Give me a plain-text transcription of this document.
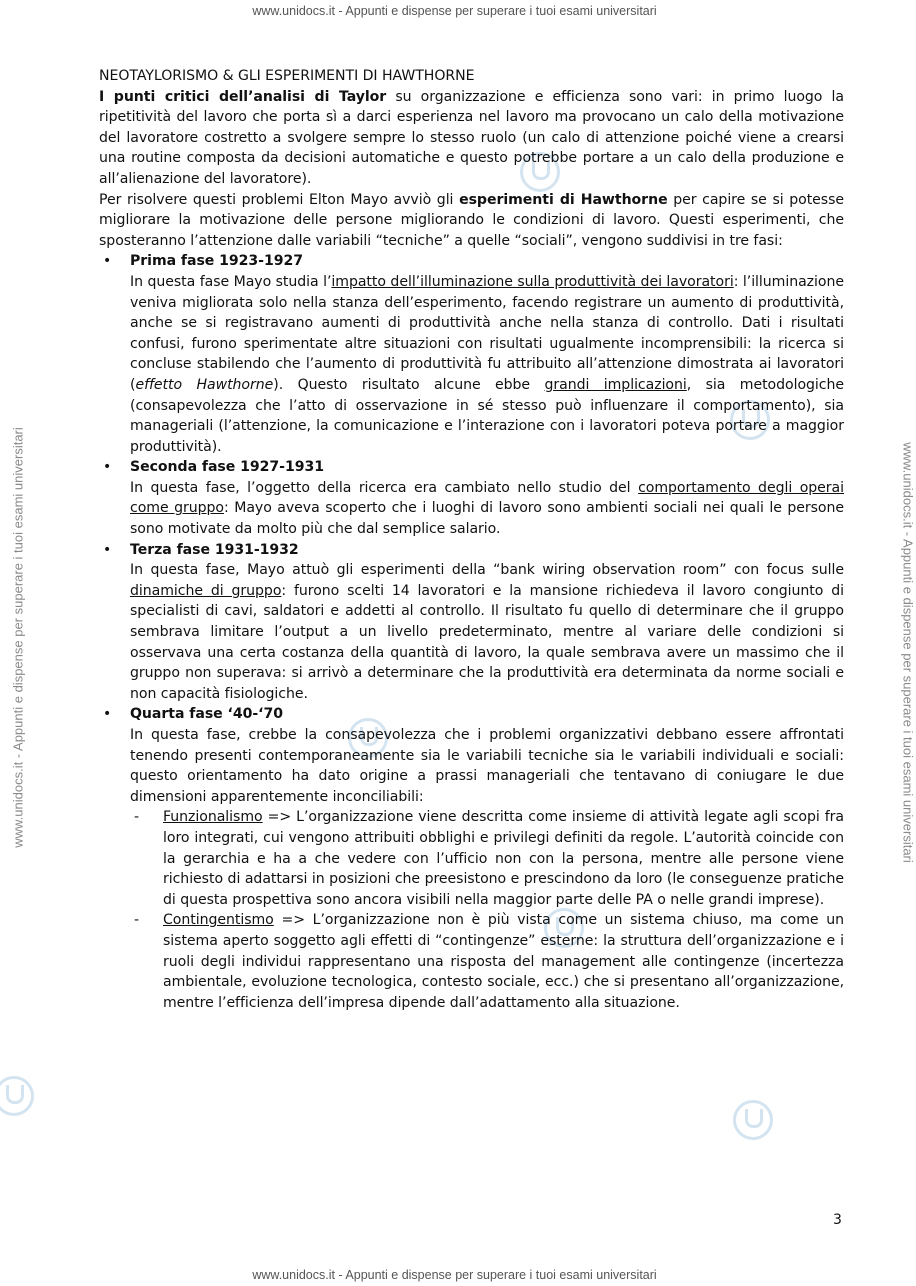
www.unidocs.it - Appunti e dispense per superare i tuoi esami universitari
www.unidocs.it - Appunti e dispense per superare i tuoi esami universitari	www.unidocs.it - Appunti e dispense per superare i tuoi esami universitari
NEOTAYLORISMO & GLI ESPERIMENTI DI HAWTHORNE

I punti critici dell’analisi di Taylor su organizzazione e efficienza sono vari: in primo luogo la ripetitività del lavoro che porta sì a darci esperienza nel lavoro ma provocano un calo della motivazione del lavoratore costretto a svolgere sempre lo stesso ruolo (un calo di attenzione poiché viene a crearsi una routine composta da decisioni automatiche e questo potrebbe portare a un calo della produzione e all’alienazione del lavoratore).

Per risolvere questi problemi Elton Mayo avviò gli esperimenti di Hawthorne per capire se si potesse migliorare la motivazione delle persone migliorando le condizioni di lavoro. Questi esperimenti, che sposteranno l’attenzione dalle variabili “tecniche” a quelle “sociali”, vengono suddivisi in tre fasi:

• Prima fase 1923-1927

In questa fase Mayo studia l’impatto dell’illuminazione sulla produttività dei lavoratori: l’illuminazione veniva migliorata solo nella stanza dell’esperimento, facendo registrare un aumento di produttività, anche se si registravano aumenti di produttività anche nella stanza di controllo. Dati i risultati confusi, furono sperimentate altre situazioni con risultati ugualmente incomprensibili: la ricerca si concluse stabilendo che l’aumento di produttività fu attribuito all’attenzione dimostrata ai lavoratori (effetto Hawthorne). Questo risultato alcune ebbe grandi implicazioni, sia metodologiche (consapevolezza che l’atto di osservazione in sé stesso può influenzare il comportamento), sia manageriali (l’attenzione, la comunicazione e l’interazione con i lavoratori poteva portare a maggior produttività).

• Seconda fase 1927-1931

In questa fase, l’oggetto della ricerca era cambiato nello studio del comportamento degli operai come gruppo: Mayo aveva scoperto che i luoghi di lavoro sono ambienti sociali nei quali le persone sono motivate da molto più che dal semplice salario.

• Terza fase 1931-1932

In questa fase, Mayo attuò gli esperimenti della “bank wiring observation room” con focus sulle dinamiche di gruppo: furono scelti 14 lavoratori e la mansione richiedeva il lavoro congiunto di specialisti di cavi, saldatori e addetti al controllo. Il risultato fu quello di determinare che il gruppo sembrava limitare l’output a un livello predeterminato, mentre al variare delle condizioni si osservava una certa costanza della quantità di lavoro, la quale sembrava avere un massimo che il gruppo non superava: si arrivò a determinare che la produttività era determinata da norme sociali e non capacità fisiologiche.

• Quarta fase ‘40-‘70

In questa fase, crebbe la consapevolezza che i problemi organizzativi debbano essere affrontati tenendo presenti contemporaneamente sia le variabili tecniche sia le variabili individuali e sociali: questo orientamento ha dato origine a prassi manageriali che tentavano di coniugare le due dimensioni apparentemente inconciliabili:

- Funzionalismo => L’organizzazione viene descritta come insieme di attività legate agli scopi fra loro integrati, cui vengono attribuiti obblighi e privilegi definiti da regole. L’autorità coincide con la gerarchia e ha a che vedere con l’ufficio non con la persona, mentre alle persone viene richiesto di adattarsi in posizioni che preesistono e prescindono da loro (le conseguenze pratiche di questa prospettiva sono ancora visibili nella maggior parte delle PA o nelle grandi imprese).

- Contingentismo => L’organizzazione non è più vista come un sistema chiuso, ma come un sistema aperto soggetto agli effetti di “contingenze” esterne: la struttura dell’organizzazione e i ruoli degli individui rappresentano una risposta del management alle contingenze (incertezza ambientale, evoluzione tecnologica, contesto sociale, ecc.) che si presentano all’organizzazione, mentre l’efficienza dell’impresa dipende dall’adattamento alla situazione.

3
www.unidocs.it - Appunti e dispense per superare i tuoi esami universitari
